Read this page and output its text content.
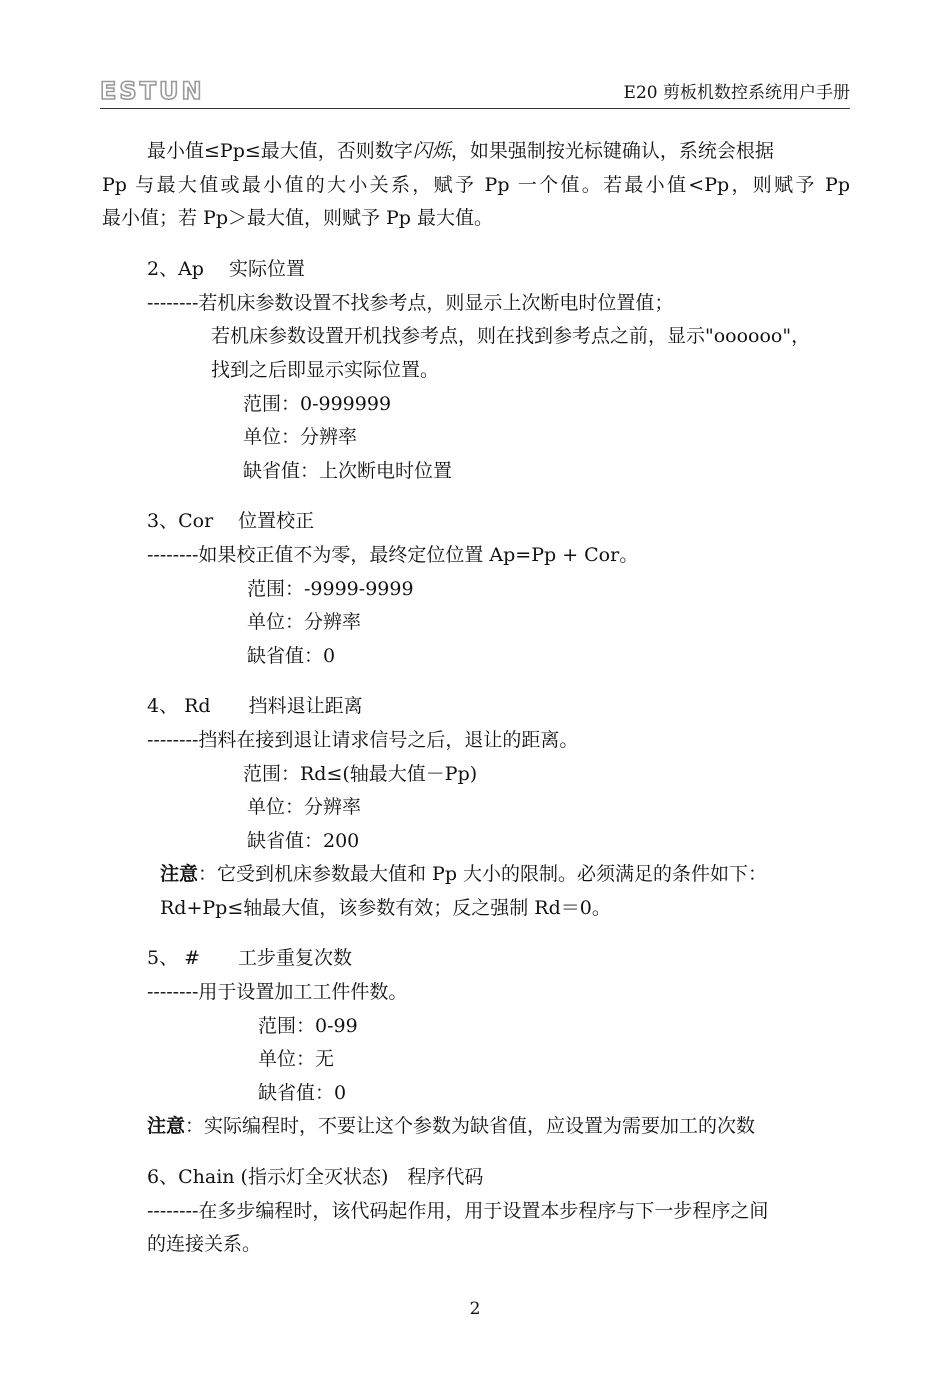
ESTUN	E20 剪板机数控系统用户手册
最小值≤Pp≤最大值，否则数字闪烁，如果强制按光标键确认，系统会根据
Pp 与最大值或最小值的大小关系，赋予 Pp 一个值。若最小值<Pp，则赋予 Pp
最小值；若 Pp＞最大值，则赋予 Pp 最大值。
2、Ap　 实际位置
--------若机床参数设置不找参考点，则显示上次断电时位置值；
若机床参数设置开机找参考点，则在找到参考点之前，显示"oooooo"，
找到之后即显示实际位置。
范围：0-999999
单位：分辨率
缺省值：上次断电时位置
3、Cor　 位置校正
--------如果校正值不为零，最终定位位置 Ap=Pp + Cor。
范围：-9999-9999
单位：分辨率
缺省值：0
4、 Rd　　挡料退让距离
--------挡料在接到退让请求信号之后，退让的距离。
范围：Rd≤(轴最大值－Pp)
单位：分辨率
缺省值：200
注意：它受到机床参数最大值和 Pp 大小的限制。必须满足的条件如下：
Rd+Pp≤轴最大值，该参数有效；反之强制 Rd＝0。
5、 #　　工步重复次数
--------用于设置加工工件件数。
范围：0-99
单位：无
缺省值：0
注意：实际编程时，不要让这个参数为缺省值，应设置为需要加工的次数
6、Chain (指示灯全灭状态)　程序代码
--------在多步编程时，该代码起作用，用于设置本步程序与下一步程序之间
的连接关系。
2
